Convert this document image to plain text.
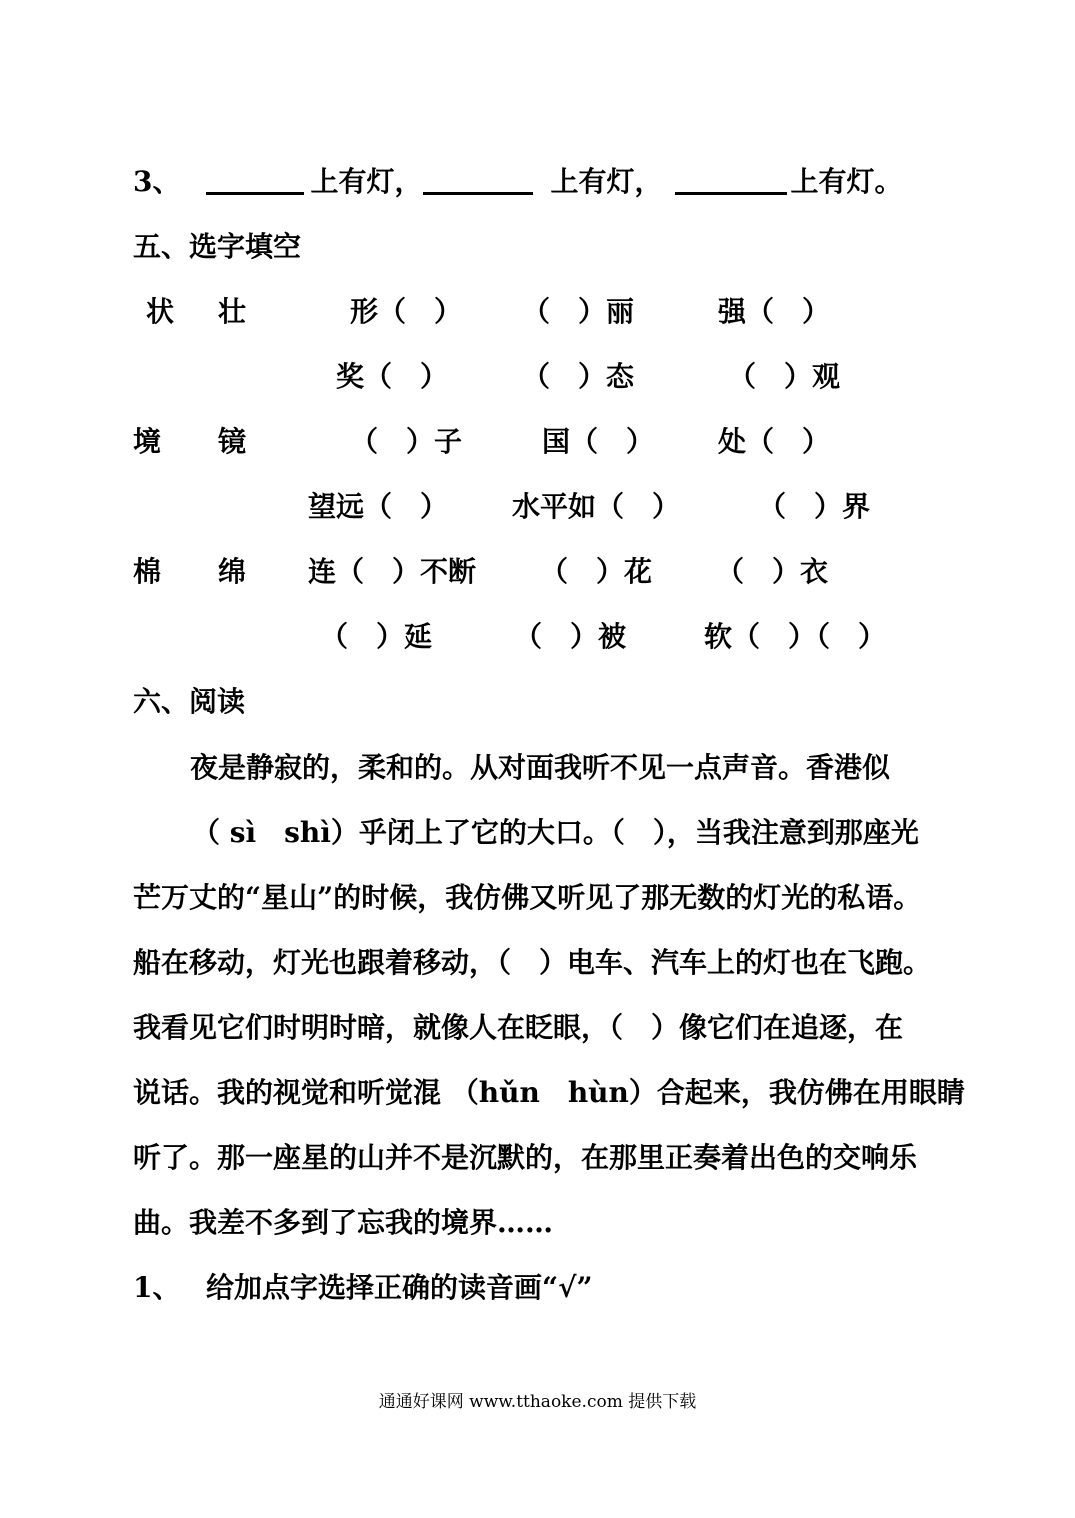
3、	上有灯，	上有灯，	上有灯。
五、选字填空
状 壮	形（　） （　）丽	强（　）
奖（　）	（　）态	（　）观
境 镜	（　）子	国（　） 处（　）
望远（　） 水平如（　）	（　）界
棉 绵 连（　）不断 （　）花 （　）衣
（　）延	（　）被	软（　）（　）
六、阅读
夜是静寂的，柔和的。从对面我听不见一点声音。香港似
（ sì　shì）乎闭上了它的大口。（　），当我注意到那座光
芒万丈的“星山”的时候，我仿佛又听见了那无数的灯光的私语。
船在移动，灯光也跟着移动，（　）电车、汽车上的灯也在飞跑。
我看见它们时明时暗，就像人在眨眼，（　）像它们在追逐，在
说话。我的视觉和听觉混 （hǔn　hùn）合起来，我仿佛在用眼睛
听了。那一座星的山并不是沉默的，在那里正奏着出色的交响乐
曲。我差不多到了忘我的境界……
1、 给加点字选择正确的读音画“√”
通通好课网 www.tthaoke.com 提供下载
